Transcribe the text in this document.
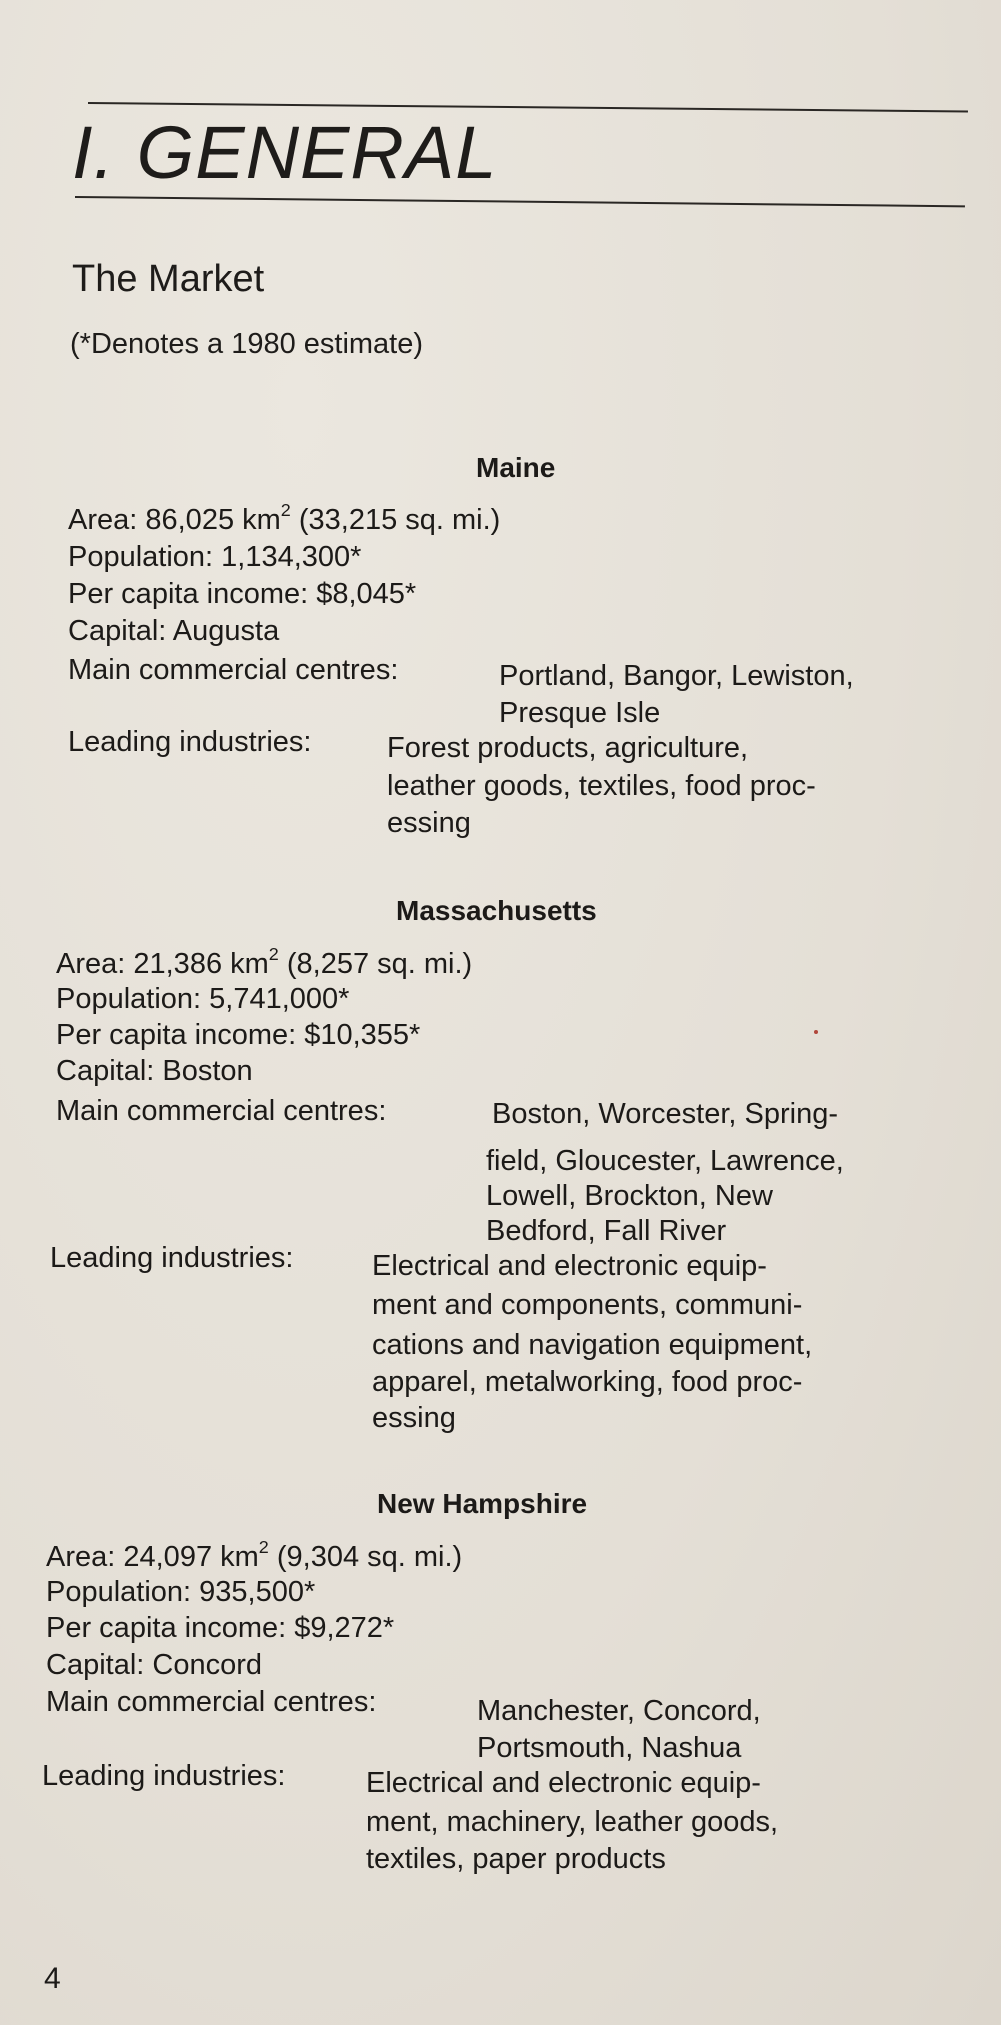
I. GENERAL
The Market
(*Denotes a 1980 estimate)
Maine
Area: 86,025 $km^2$ (33,215 sq. mi.)
Population: 1,134,300*
Per capita income: $8,045*
Capital: Augusta
Main commercial centres:	Portland, Bangor, Lewiston,
Presque Isle
Leading industries:	Forest products, agriculture,
leather goods, textiles, food proc-
essing
Massachusetts
Area: 21,386 $km^2$ (8,257 sq. mi.)
Population: 5,741,000*
Per capita income: $10,355*
Capital: Boston
Main commercial centres:	Boston, Worcester, Spring-
field, Gloucester, Lawrence,
Lowell, Brockton, New
Bedford, Fall River
Leading industries:	Electrical and electronic equip-
ment and components, communi-
cations and navigation equipment,
apparel, metalworking, food proc-
essing
New Hampshire
Area: 24,097 $km^2$ (9,304 sq. mi.)
Population: 935,500*
Per capita income: $9,272*
Capital: Concord
Main commercial centres:	Manchester, Concord,
Portsmouth, Nashua
Leading industries:	Electrical and electronic equip-
ment, machinery, leather goods,
textiles, paper products
4
